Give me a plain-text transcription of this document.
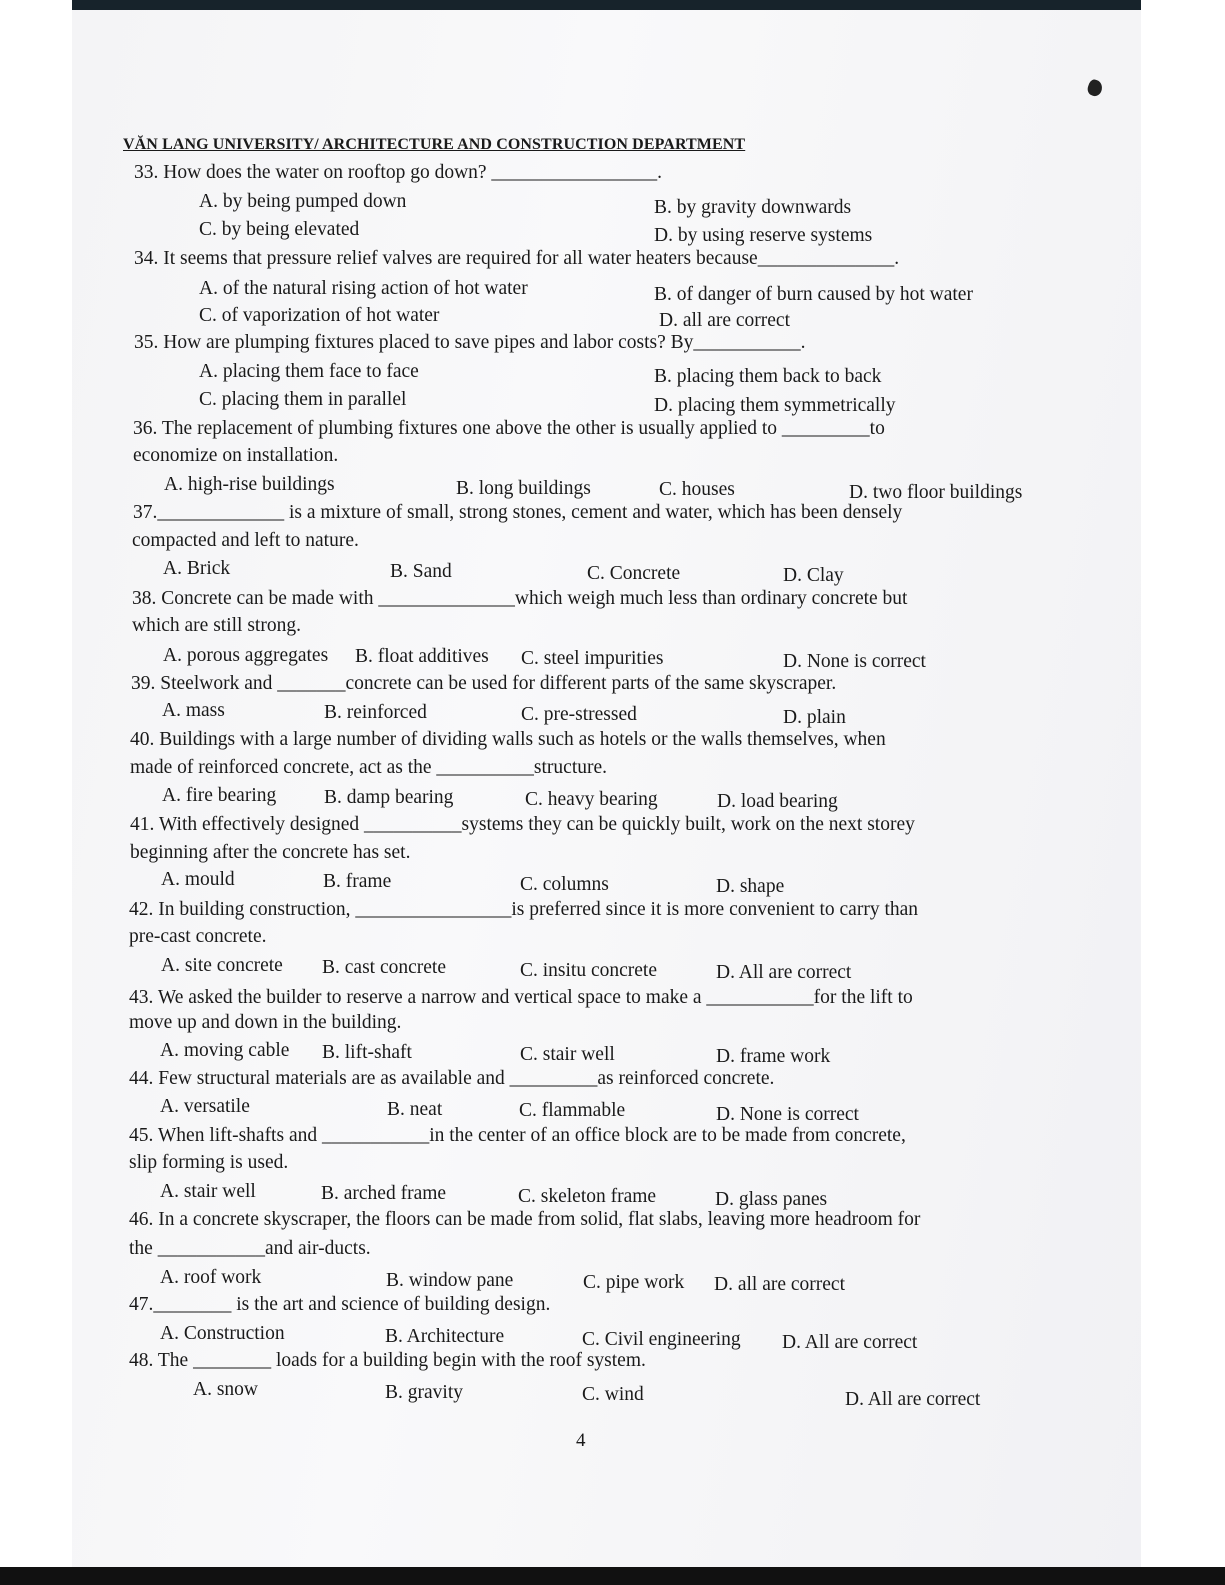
VĂN LANG UNIVERSITY/ ARCHITECTURE AND CONSTRUCTION DEPARTMENT
33. How does the water on rooftop go down? _________________.
A. by being pumped down	B. by gravity downwards
C. by being elevated	D. by using reserve systems
34. It seems that pressure relief valves are required for all water heaters because______________.
A. of the natural rising action of hot water	B. of danger of burn caused by hot water
C. of vaporization of hot water	D. all are correct
35. How are plumping fixtures placed to save pipes and labor costs? By___________.
A. placing them face to face	B. placing them back to back
C. placing them in parallel	D. placing them symmetrically
36. The replacement of plumbing fixtures one above the other is usually applied to _________to
economize on installation.
A. high-rise buildings	B. long buildings	C. houses	D. two floor buildings
37._____________ is a mixture of small, strong stones, cement and water, which has been densely
compacted and left to nature.
A. Brick	B. Sand	C. Concrete	D. Clay
38. Concrete can be made with ______________which weigh much less than ordinary concrete but
which are still strong.
A. porous aggregates B. float additives C. steel impurities	D. None is correct
39. Steelwork and _______concrete can be used for different parts of the same skyscraper.
A. mass	B. reinforced	C. pre-stressed	D. plain
40. Buildings with a large number of dividing walls such as hotels or the walls themselves, when
made of reinforced concrete, act as the __________structure.
A. fire bearing B. damp bearing	C. heavy bearing	D. load bearing
41. With effectively designed __________systems they can be quickly built, work on the next storey
beginning after the concrete has set.
A. mould	B. frame	C. columns	D. shape
42. In building construction, ________________is preferred since it is more convenient to carry than
pre-cast concrete.
A. site concrete B. cast concrete	C. insitu concrete	D. All are correct
43. We asked the builder to reserve a narrow and vertical space to make a ___________for the lift to
move up and down in the building.
A. moving cable B. lift-shaft	C. stair well	D. frame work
44. Few structural materials are as available and _________as reinforced concrete.
A. versatile	B. neat	C. flammable	D. None is correct
45. When lift-shafts and ___________in the center of an office block are to be made from concrete,
slip forming is used.
A. stair well	B. arched frame	C. skeleton frame	D. glass panes
46. In a concrete skyscraper, the floors can be made from solid, flat slabs, leaving more headroom for
the ___________and air-ducts.
A. roof work	B. window pane	C. pipe work D. all are correct
47.________ is the art and science of building design.
A. Construction	B. Architecture	C. Civil engineering D. All are correct
48. The ________ loads for a building begin with the roof system.
A. snow	B. gravity	C. wind	D. All are correct
4
